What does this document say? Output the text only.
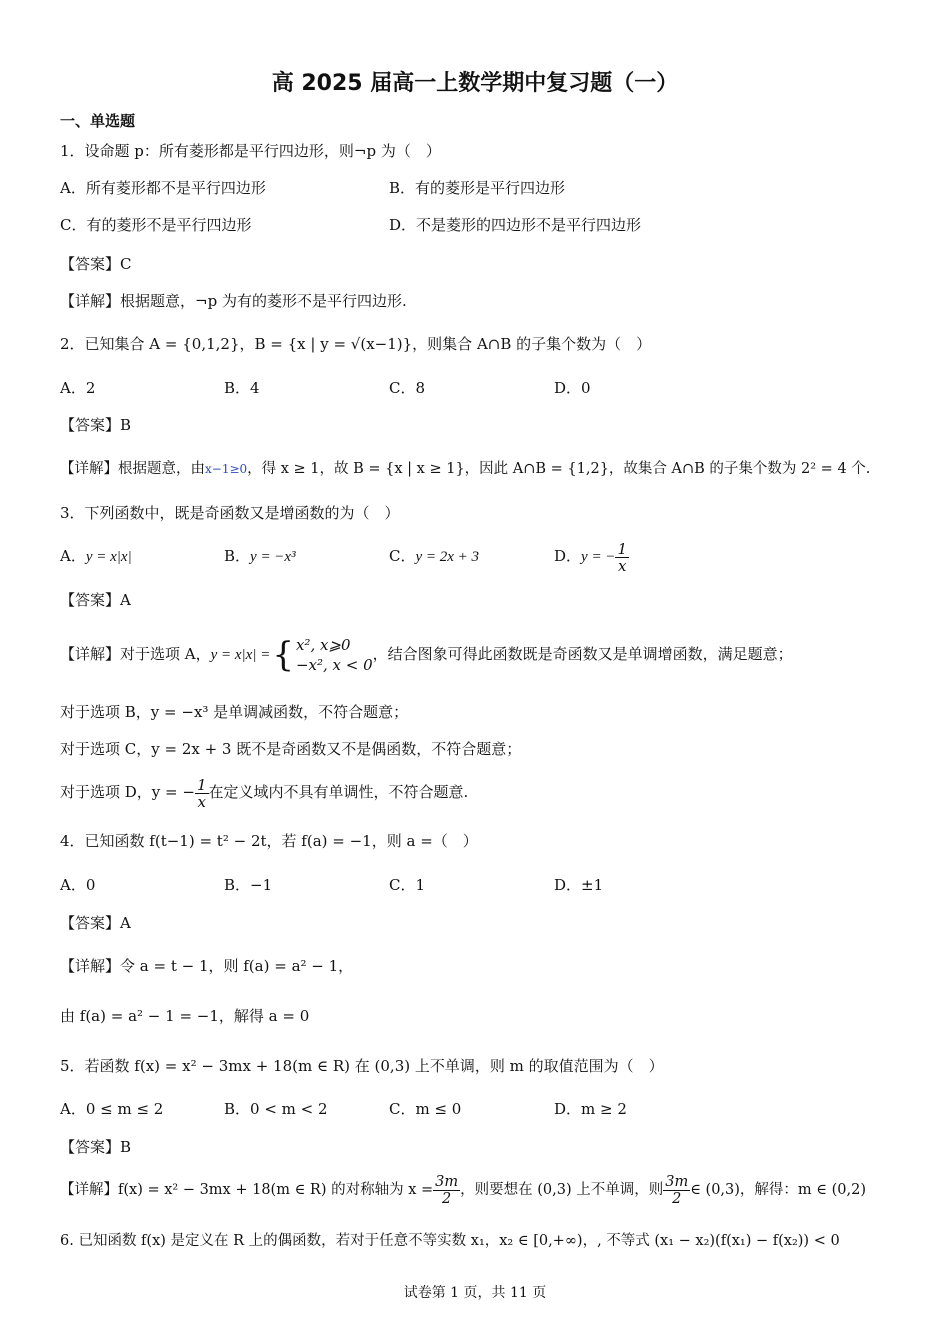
高 2025 届高一上数学期中复习题（一）
一、单选题
1．设命题 p：所有菱形都是平行四边形，则¬p 为（　）
A．所有菱形都不是平行四边形	B．有的菱形是平行四边形
C．有的菱形不是平行四边形	D．不是菱形的四边形不是平行四边形
【答案】C
【详解】根据题意，¬p 为有的菱形不是平行四边形.
2．已知集合 A = {0,1,2}，B = {x | y = √(x−1)}，则集合 A∩B 的子集个数为（　）
A．2	B．4	C．8	D．0
【答案】B
【详解】根据题意，由x−1≥0，得 x ≥ 1，故 B = {x | x ≥ 1}，因此 A∩B = {1,2}，故集合 A∩B 的子集个数为 2² = 4 个.
3．下列函数中，既是奇函数又是增函数的为（　）
A．y = x|x|	B．y = −x³	C．y = 2x + 3	D．y = − $\frac{1}{x}$
【答案】A
【详解】对于选项 A，y = x|x| ={ x², x⩾0
−x², x < 0
，结合图象可得此函数既是奇函数又是单调增函数，满足题意；
对于选项 B，y = −x³ 是单调减函数，不符合题意；
对于选项 C，y = 2x + 3 既不是奇函数又不是偶函数，不符合题意；
对于选项 D，y = − $\frac{1}{x}$ 在定义域内不具有单调性，不符合题意.
4．已知函数 f(t−1) = t² − 2t，若 f(a) = −1，则 a =（　）
A．0	B．−1	C．1	D．±1
【答案】A
【详解】令 a = t − 1，则 f(a) = a² − 1，
由 f(a) = a² − 1 = −1，解得 a = 0
5．若函数 f(x) = x² − 3mx + 18(m ∈ R) 在 (0,3) 上不单调，则 m 的取值范围为（　）
A．0 ≤ m ≤ 2	B．0 < m < 2	C．m ≤ 0	D．m ≥ 2
【答案】B
【详解】f(x) = x² − 3mx + 18(m ∈ R) 的对称轴为 $x = \frac{3m}{2}$ ，则要想在 (0,3) 上不单调，则 $\frac{3m}{2}$ ∈ (0,3)，解得：m ∈ (0,2)
6. 已知函数 f(x) 是定义在 R 上的偶函数，若对于任意不等实数 x₁，x₂ ∈ [0,+∞)，, 不等式 (x₁ − x₂)(f(x₁) − f(x₂)) < 0
试卷第 1 页，共 11 页
